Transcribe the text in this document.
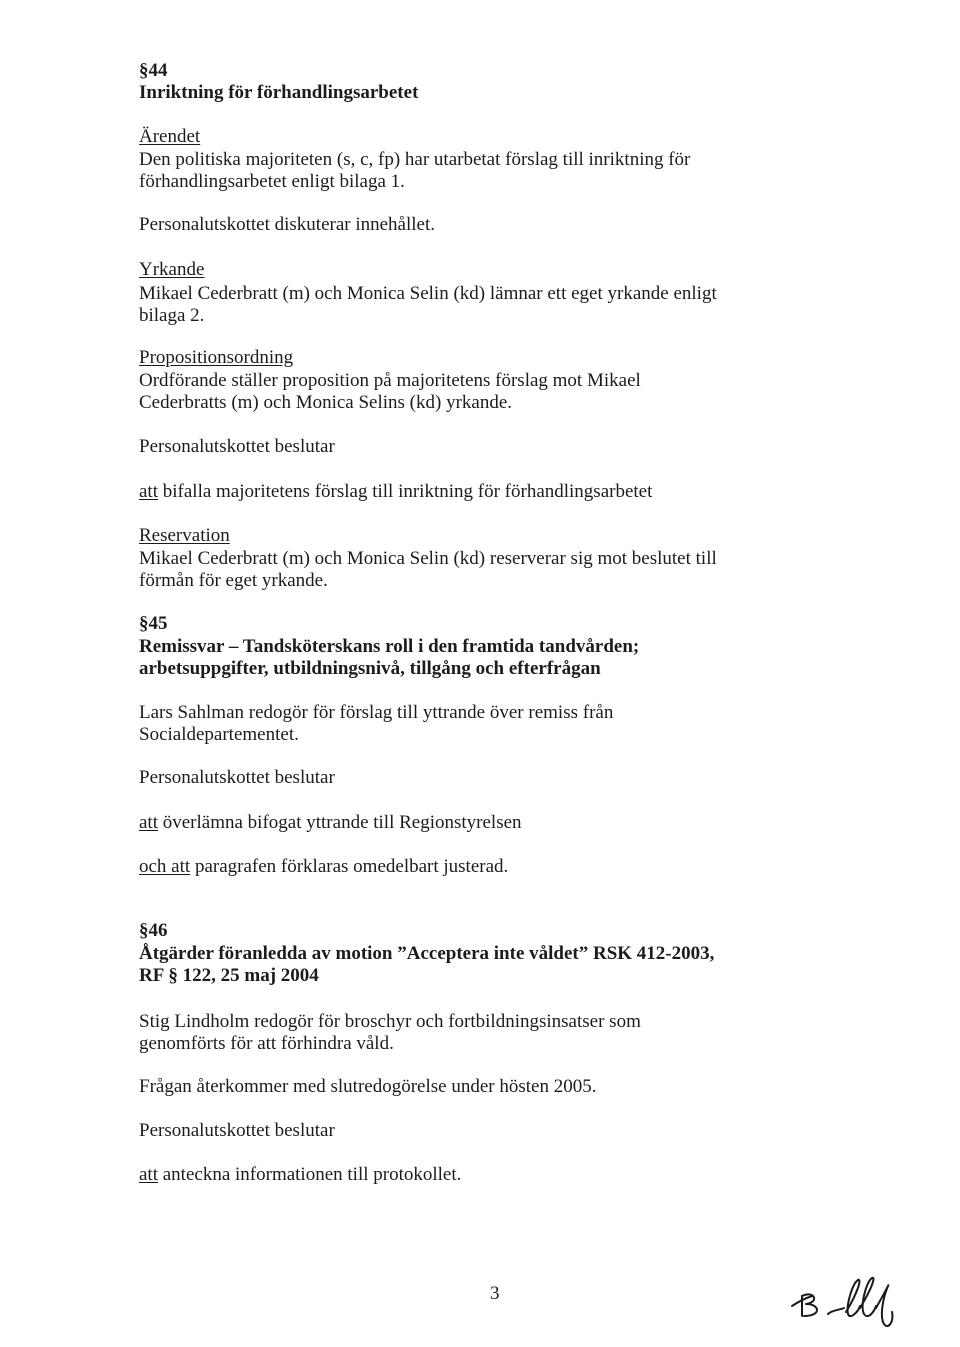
§44
Inriktning för förhandlingsarbetet
Ärendet
Den politiska majoriteten (s, c, fp) har utarbetat förslag till inriktning för
förhandlingsarbetet enligt bilaga 1.
Personalutskottet diskuterar innehållet.
Yrkande
Mikael Cederbratt (m) och Monica Selin (kd) lämnar ett eget yrkande enligt
bilaga 2.
Propositionsordning
Ordförande ställer proposition på majoritetens förslag mot Mikael
Cederbratts (m) och Monica Selins (kd) yrkande.
Personalutskottet beslutar
att bifalla majoritetens förslag till inriktning för förhandlingsarbetet
Reservation
Mikael Cederbratt (m) och Monica Selin (kd) reserverar sig mot beslutet till
förmån för eget yrkande.
§45
Remissvar – Tandsköterskans roll i den framtida tandvården;
arbetsuppgifter, utbildningsnivå, tillgång och efterfrågan
Lars Sahlman redogör för förslag till yttrande över remiss från
Socialdepartementet.
Personalutskottet beslutar
att överlämna bifogat yttrande till Regionstyrelsen
och att paragrafen förklaras omedelbart justerad.
§46
Åtgärder föranledda av motion ”Acceptera inte våldet” RSK 412-2003,
RF § 122, 25 maj 2004
Stig Lindholm redogör för broschyr och fortbildningsinsatser som
genomförts för att förhindra våld.
Frågan återkommer med slutredogörelse under hösten 2005.
Personalutskottet beslutar
att anteckna informationen till protokollet.
3
